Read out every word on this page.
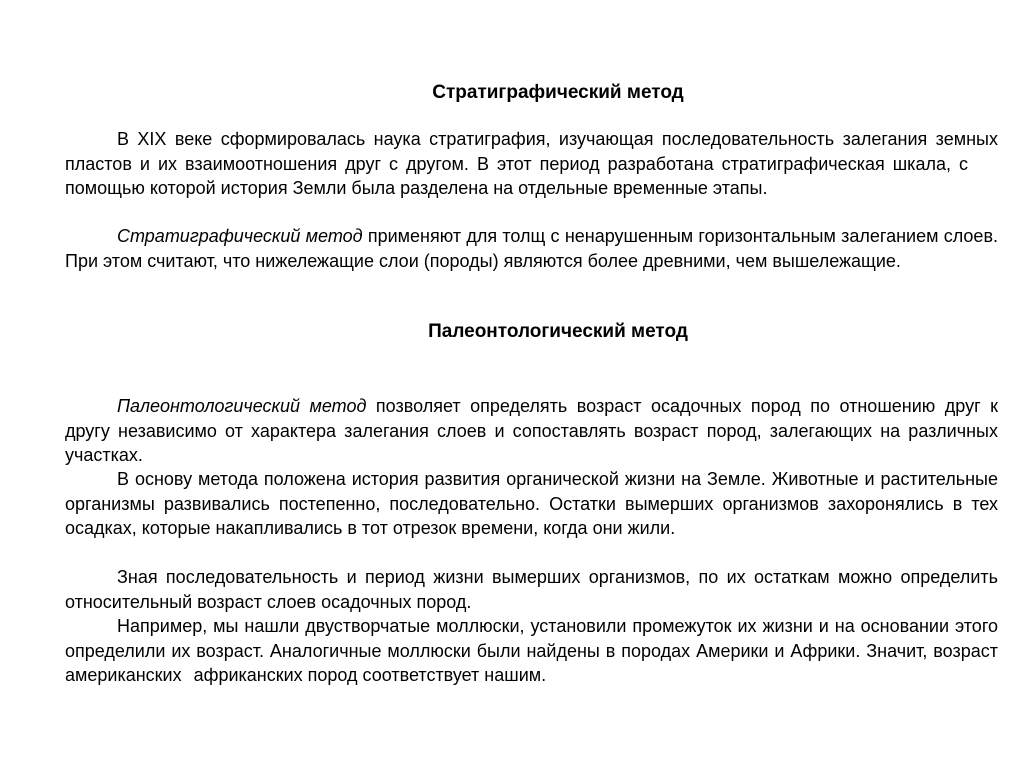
Стратиграфический метод

В XIX веке сформировалась наука стратиграфия, изучающая последовательность залегания земных пластов и их взаимоотношения друг с другом. В этот период разработана стратиграфическая шкала, спомощью которой история Земли была разделена на отдельные временные этапы.

Стратиграфический метод применяют для толщ с ненарушенным горизонтальным залеганием слоев. При этом считают, что нижележащие слои (породы) являются более древними, чем вышележащие.

Палеонтологический метод

Палеонтологический метод позволяет определять возраст осадочных пород по отношению друг к другу независимо от характера залегания слоев и сопоставлять возраст пород, залегающих на различных участках.

В основу метода положена история развития органической жизни на Земле. Животные и растительные организмы развивались постепенно, последовательно. Остатки вымерших организмов захоронялись в тех осадках, которые накапливались в тот отрезок времени, когда они жили.

Зная последовательность и период жизни вымерших организмов, по их остаткам можно определить относительный возраст слоев осадочных пород.

Например, мы нашли двустворчатые моллюски, установили промежуток их жизни и на основании этого определили их возраст. Аналогичные моллюски были найдены в породах Америки и Африки. Значит, возраст американских африканских пород соответствует нашим.
